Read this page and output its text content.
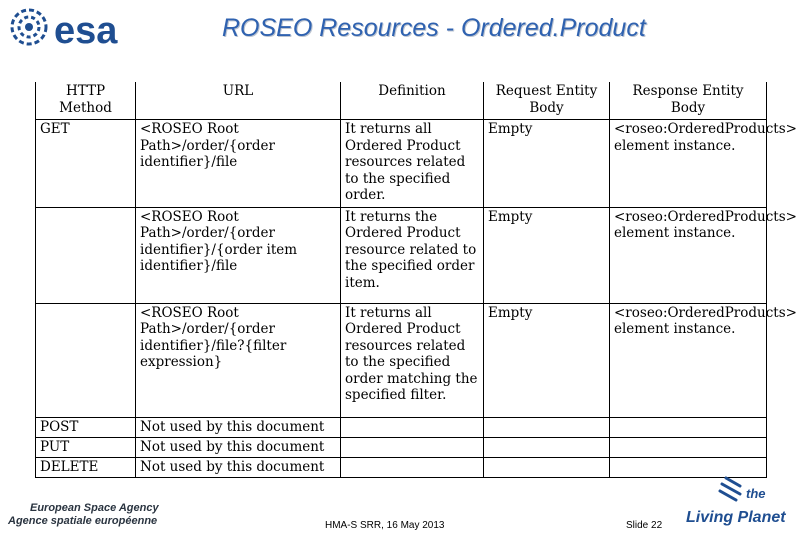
esa	ROSEO Resources - Ordered.Product
HTTP Method	URL	Definition	Request Entity Body	Response Entity Body
GET	<ROSEO Root Path>/order/{order identifier}/file	It returns all Ordered Product resources related to the specified order.	Empty	<roseo:OrderedProducts> element instance.
	<ROSEO Root Path>/order/{order identifier}/{order item identifier}/file	It returns the Ordered Product resource related to the specified order item.	Empty	<roseo:OrderedProducts> element instance.
	<ROSEO Root Path>/order/{order identifier}/file?{filter expression}	It returns all Ordered Product resources related to the specified order matching the specified filter.	Empty	<roseo:OrderedProducts> element instance.
POST	Not used by this document			
PUT	Not used by this document			
DELETE	Not used by this document			
European Space Agency
Agence spatiale européenne	HMA-S SRR, 16 May 2013	Slide 22
the
Living Planet
